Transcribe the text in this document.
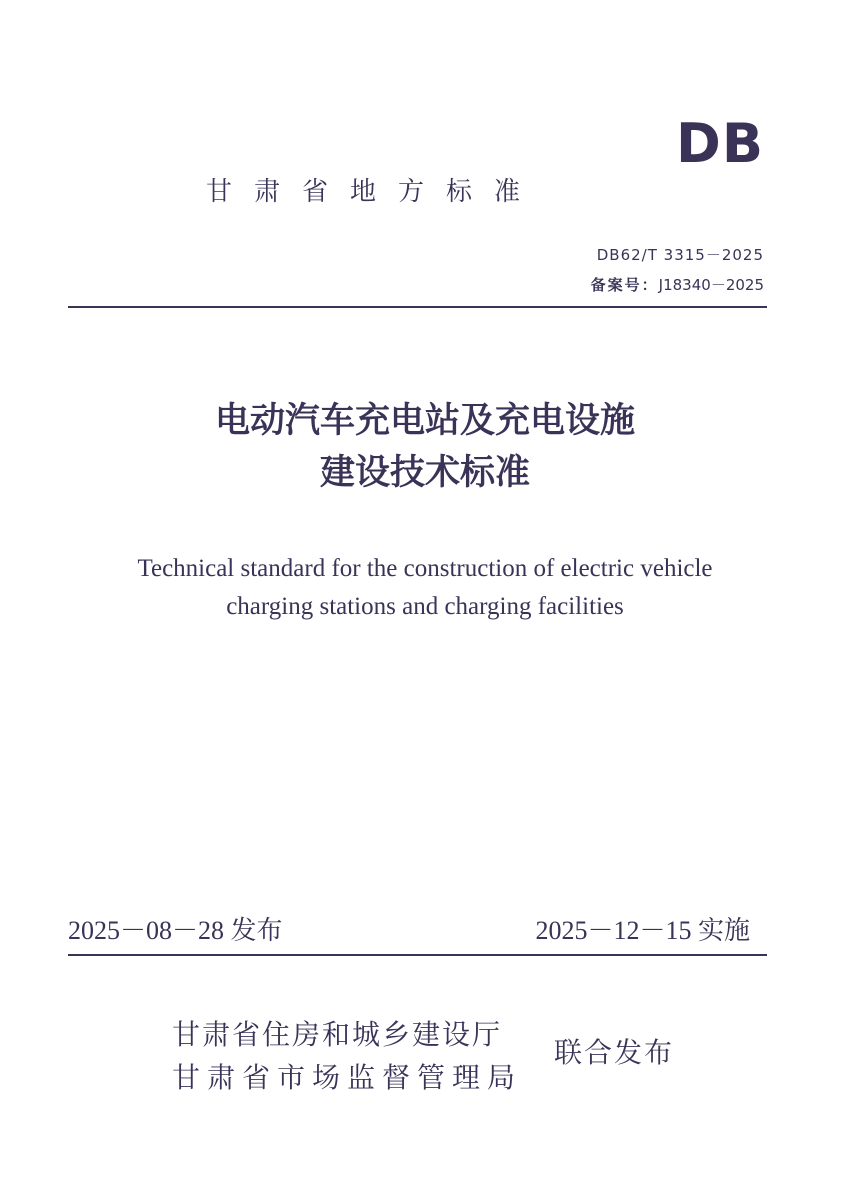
DB
甘肃省地方标准
DB62/T 3315－2025
备案号：J18340－2025
电动汽车充电站及充电设施
建设技术标准
Technical standard for the construction of electric vehicle
charging stations and charging facilities
2025－08－28 发布	2025－12－15 实施
甘肃省住房和城乡建设厅
甘肃省市场监督管理局
联合发布
